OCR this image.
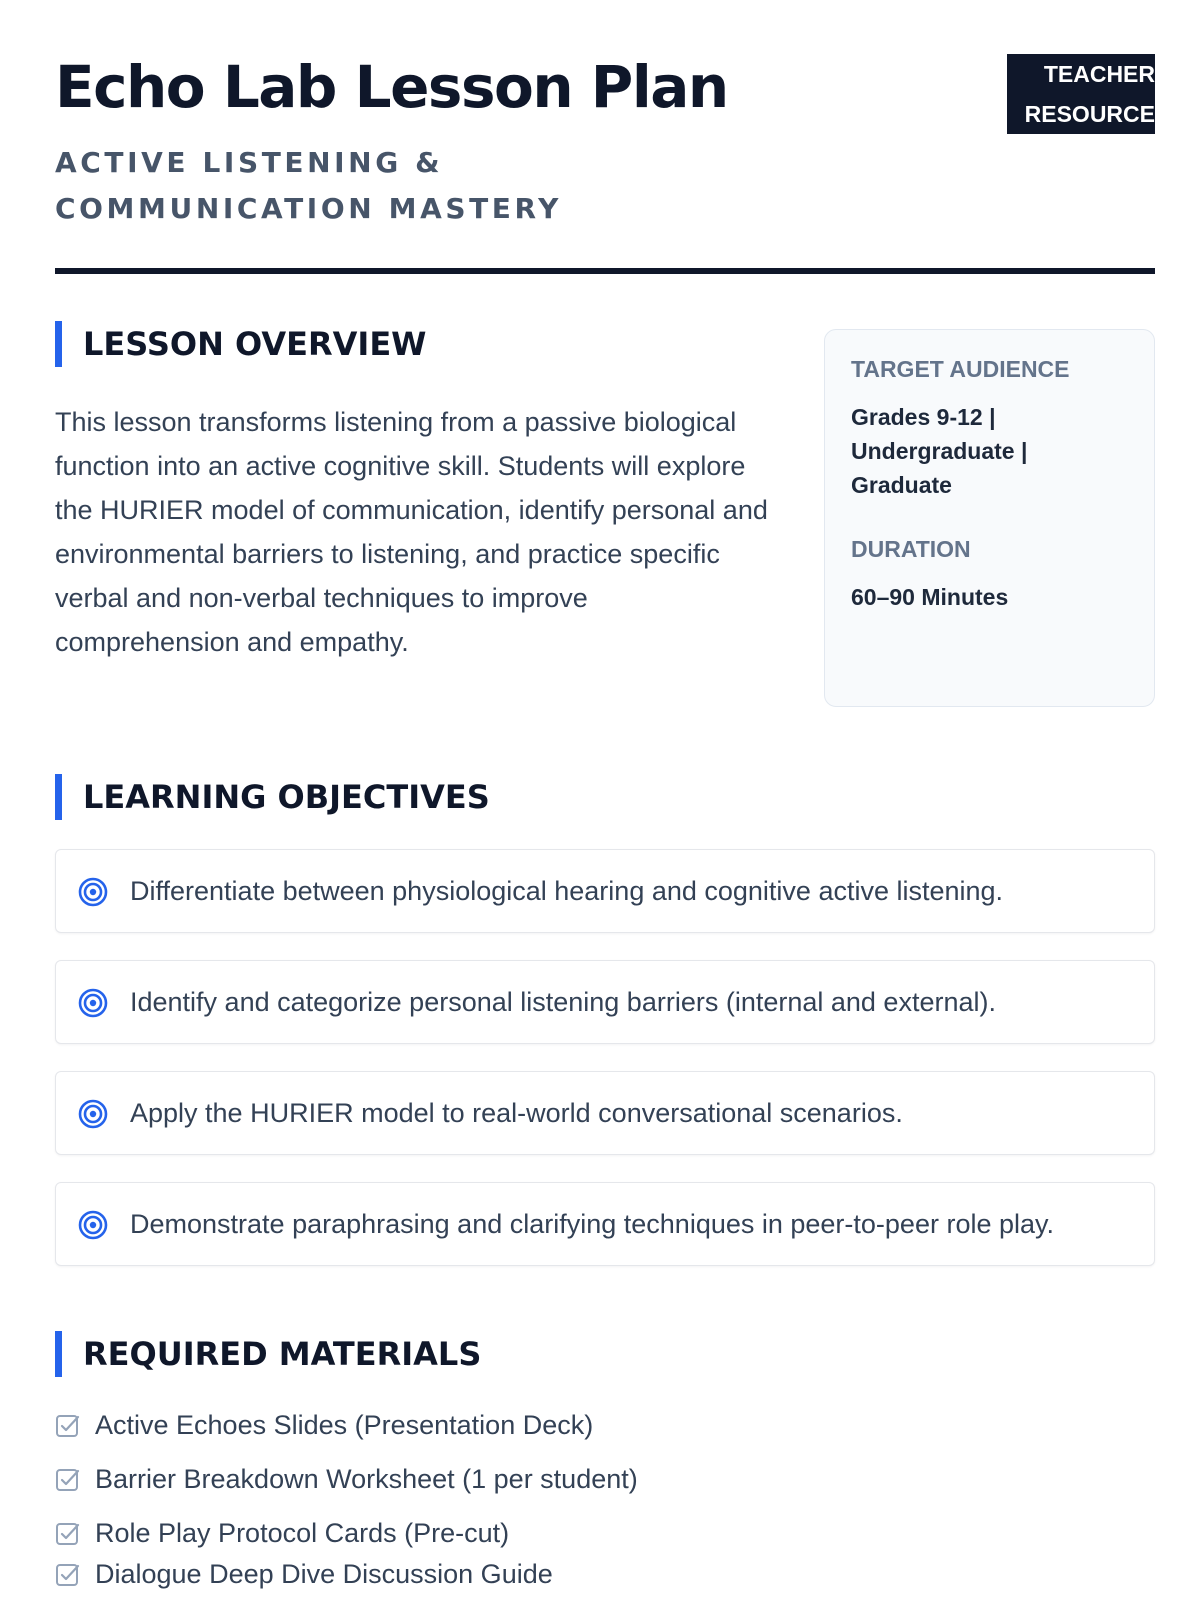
Echo Lab Lesson Plan
ACTIVE LISTENING & COMMUNICATION MASTERY
TEACHER
RESOURCE
LESSON OVERVIEW

This lesson transforms listening from a passive biological function into an active cognitive skill. Students will explore the HURIER model of communication, identify personal and environmental barriers to listening, and practice specific verbal and non-verbal techniques to improve comprehension and empathy.

TARGET AUDIENCE
Grades 9-12 | Undergraduate | Graduate
DURATION
60–90 Minutes
LEARNING OBJECTIVES
Differentiate between physiological hearing and cognitive active listening.
Identify and categorize personal listening barriers (internal and external).
Apply the HURIER model to real-world conversational scenarios.
Demonstrate paraphrasing and clarifying techniques in peer-to-peer role play.
REQUIRED MATERIALS
Active Echoes Slides (Presentation Deck)
Barrier Breakdown Worksheet (1 per student)
Role Play Protocol Cards (Pre-cut)
Dialogue Deep Dive Discussion Guide
